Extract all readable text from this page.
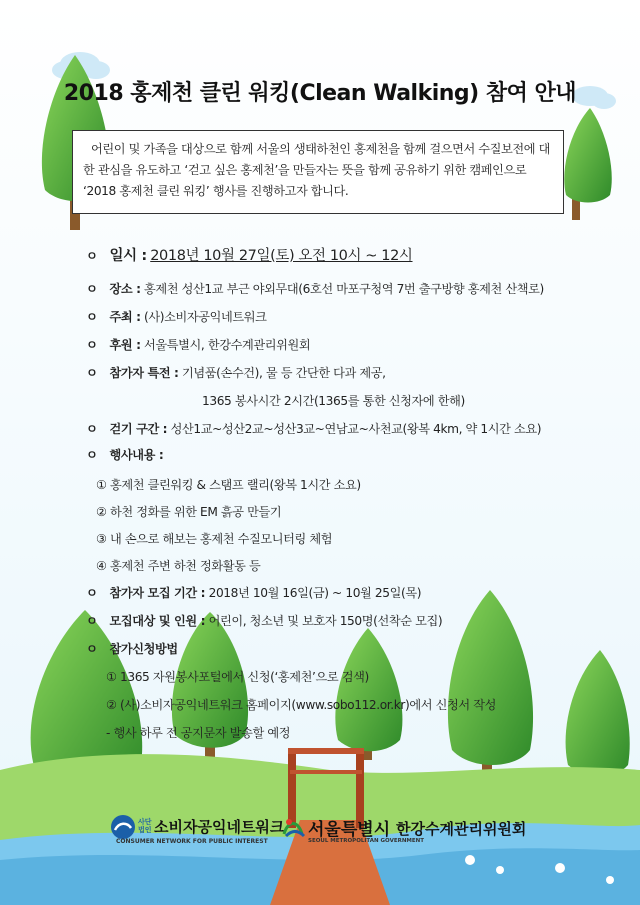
2018 홍제천 클린 워킹(Clean Walking) 참여 안내
어린이 및 가족을 대상으로 함께 서울의 생태하천인 홍제천을 함께 걸으면서 수질보전에 대한 관심을 유도하고 ‘걷고 싶은 홍제천’을 만들자는 뜻을 함께 공유하기 위한 캠페인으로 ‘2018 홍제천 클린 워킹’ 행사를 진행하고자 합니다.
ㅇ 일시 : 2018년 10월 27일(토) 오전 10시 ~ 12시
ㅇ 장소 : 홍제천 성산1교 부근 야외무대(6호선 마포구청역 7번 출구방향 홍제천 산책로)
ㅇ 주최 : (사)소비자공익네트워크
ㅇ 후원 : 서울특별시, 한강수계관리위원회
ㅇ 참가자 특전 : 기념품(손수건), 물 등 간단한 다과 제공,
1365 봉사시간 2시간(1365를 통한 신청자에 한해)
ㅇ 걷기 구간 : 성산1교~성산2교~성산3교~연남교~사천교(왕복 4km, 약 1시간 소요)
ㅇ 행사내용 :
① 홍제천 클린워킹 & 스탬프 랠리(왕복 1시간 소요)
② 하천 정화를 위한 EM 흙공 만들기
③ 내 손으로 해보는 홍제천 수질모니터링 체험
④ 홍제천 주변 하천 정화활동 등
ㅇ 참가자 모집 기간 : 2018년 10월 16일(금) ~ 10월 25일(목)
ㅇ 모집대상 및 인원 : 어린이, 청소년 및 보호자 150명(선착순 모집)
ㅇ 참가신청방법
① 1365 자원봉사포털에서 신청(‘홍제천’으로 검색)
② (사)소비자공익네트워크 홈페이지(www.sobo112.or.kr)에서 신청서 작성
- 행사 하루 전 공지문자 발송할 예정
사단법인 소비자공익네트워크
CONSUMER NETWORK FOR PUBLIC INTEREST
서울특별시
SEOUL METROPOLITAN GOVERNMENT
한강수계관리위원회
